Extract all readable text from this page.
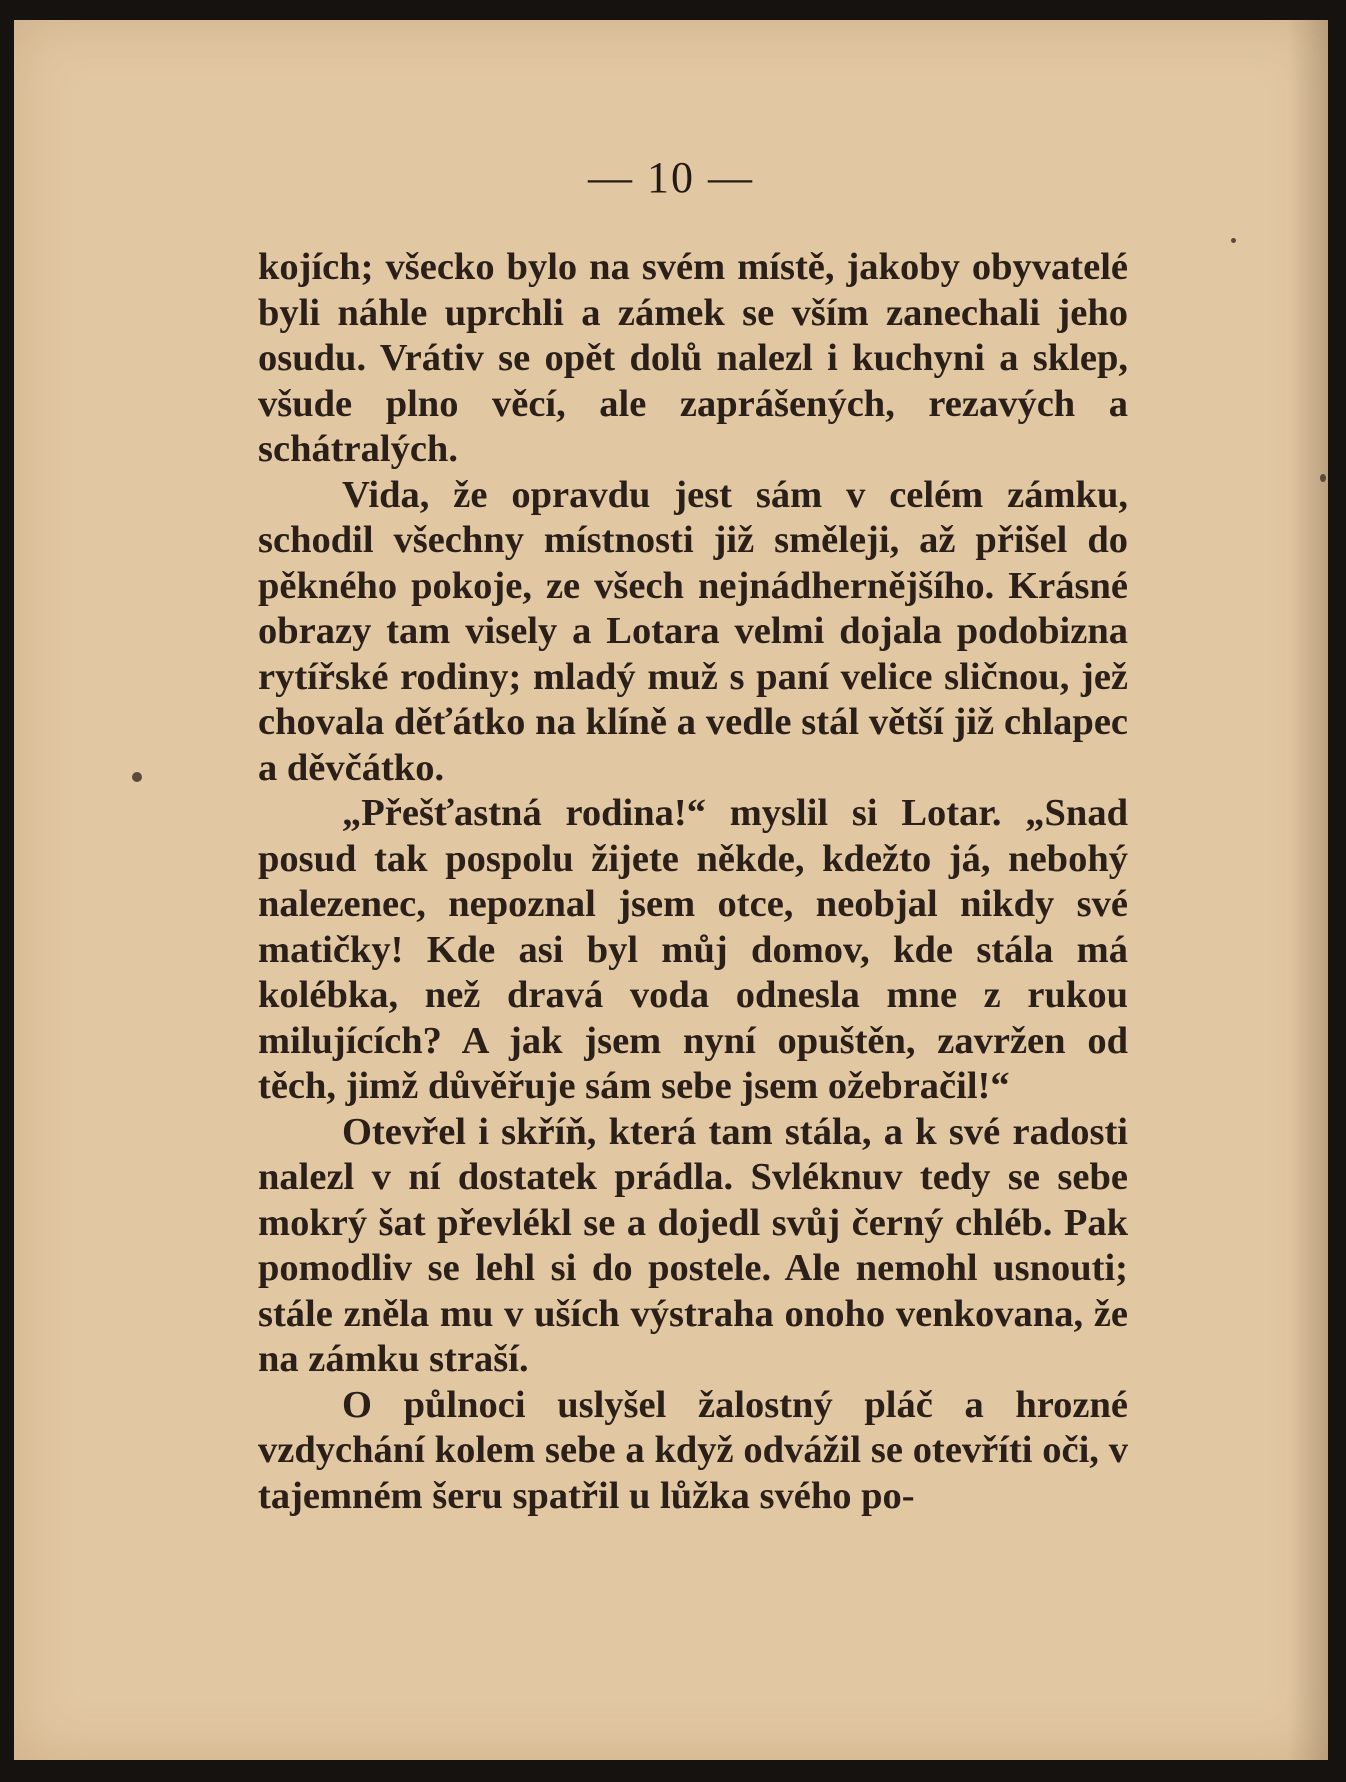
— 10 —

kojích; všecko bylo na svém místě, jakoby obyvatelé byli náhle uprchli a zámek se vším zanechali jeho osudu. Vrátiv se opět dolů nalezl i kuchyni a sklep, všude plno věcí, ale zaprášených, rezavých a schátralých.

Vida, že opravdu jest sám v celém zámku, schodil všechny místnosti již směleji, až přišel do pěkného pokoje, ze všech nejnádhernějšího. Krásné obrazy tam visely a Lotara velmi dojala podobizna rytířské rodiny; mladý muž s paní velice sličnou, jež chovala děťátko na klíně a vedle stál větší již chlapec a děvčátko.

„Přešťastná rodina!“ myslil si Lotar. „Snad posud tak pospolu žijete někde, kdežto já, nebohý nalezenec, nepoznal jsem otce, neobjal nikdy své matičky! Kde asi byl můj domov, kde stála má kolébka, než dravá voda odnesla mne z rukou milujících? A jak jsem nyní opuštěn, zavržen od těch, jimž důvěřuje sám sebe jsem ožebračil!“

Otevřel i skříň, která tam stála, a k své radosti nalezl v ní dostatek prádla. Svléknuv tedy se sebe mokrý šat převlékl se a dojedl svůj černý chléb. Pak pomodliv se lehl si do postele. Ale nemohl usnouti; stále zněla mu v uších výstraha onoho venkovana, že na zámku straší.

O půlnoci uslyšel žalostný pláč a hrozné vzdychání kolem sebe a když odvážil se otevříti oči, v tajemném šeru spatřil u lůžka svého po-
